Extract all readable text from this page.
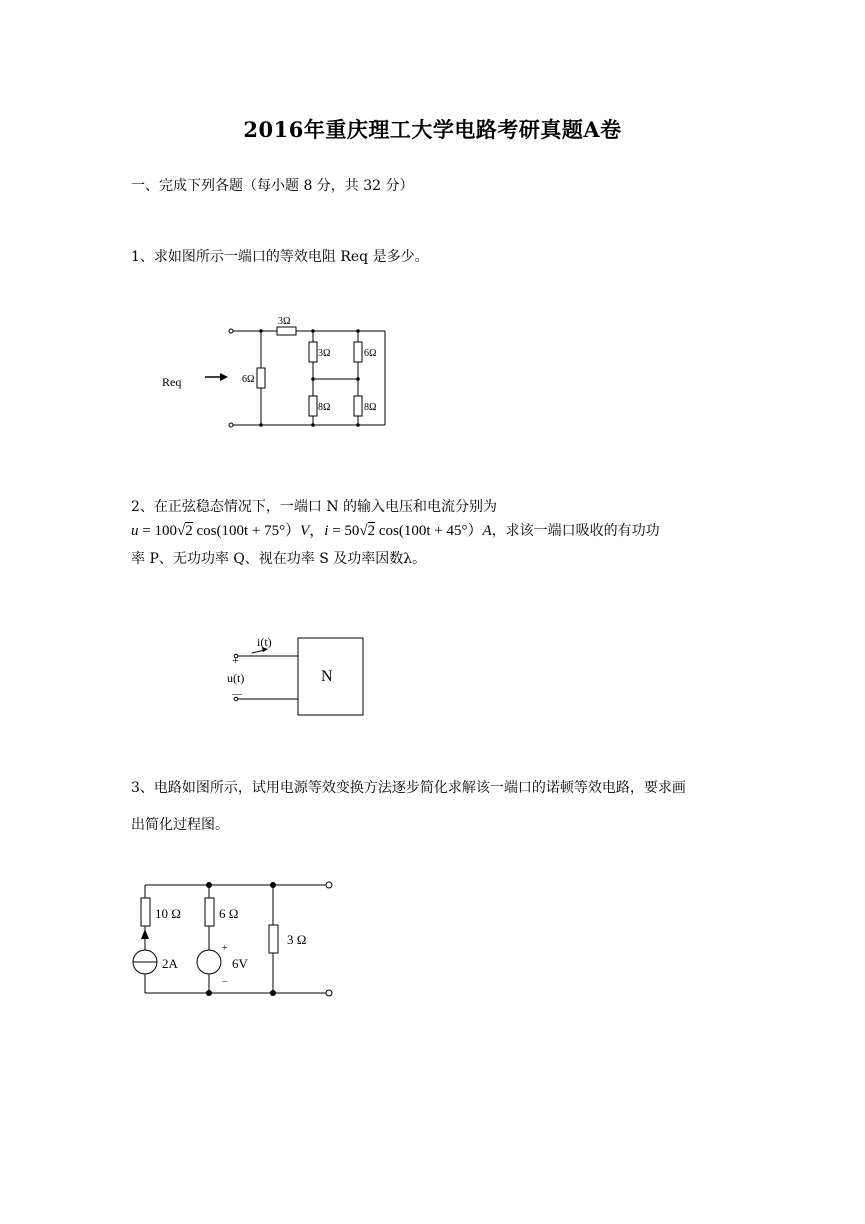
2016年重庆理工大学电路考研真题A卷
一、完成下列各题（每小题 8 分，共 32 分）
1、求如图所示一端口的等效电阻 Req 是多少。
Req
3Ω
6Ω
3Ω
8Ω
6Ω
8Ω
2、在正弦稳态情况下，一端口 N 的输入电压和电流分别为
u = 100√2 cos(100t + 75°）V，i = 50√2 cos(100t + 45°）A，求该一端口吸收的有功功
率 P、无功功率 Q、视在功率 S 及功率因数λ。
i(t)
+
u(t)
—
N
3、电路如图所示，试用电源等效变换方法逐步简化求解该一端口的诺顿等效电路，要求画
出简化过程图。
10 Ω
2A
6 Ω
+
6V
−
3 Ω
